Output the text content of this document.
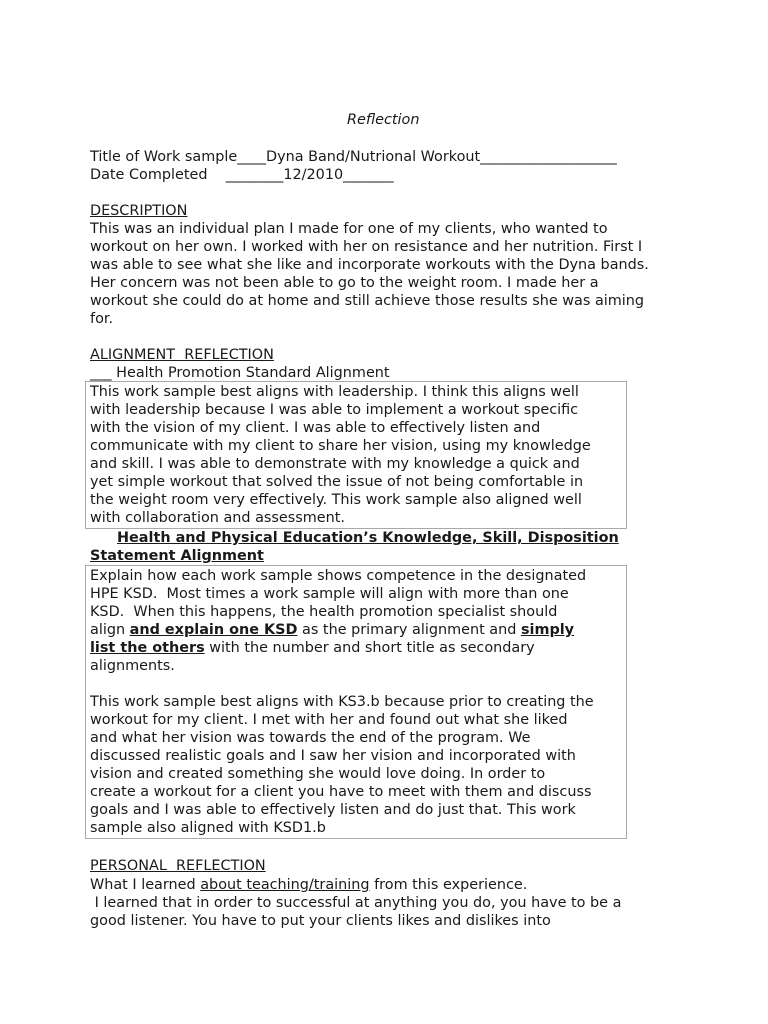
Reflection
Title of Work sample____Dyna Band/Nutrional Workout___________________
Date Completed    ________12/2010_______
DESCRIPTION
This was an individual plan I made for one of my clients, who wanted to
workout on her own. I worked with her on resistance and her nutrition. First I
was able to see what she like and incorporate workouts with the Dyna bands.
Her concern was not been able to go to the weight room. I made her a
workout she could do at home and still achieve those results she was aiming
for.
ALIGNMENT  REFLECTION
___ Health Promotion Standard Alignment
This work sample best aligns with leadership. I think this aligns well
with leadership because I was able to implement a workout specific
with the vision of my client. I was able to effectively listen and
communicate with my client to share her vision, using my knowledge
and skill. I was able to demonstrate with my knowledge a quick and
yet simple workout that solved the issue of not being comfortable in
the weight room very effectively. This work sample also aligned well
with collaboration and assessment.
Health and Physical Education’s Knowledge, Skill, Disposition
Statement Alignment
Explain how each work sample shows competence in the designated
HPE KSD.  Most times a work sample will align with more than one
KSD.  When this happens, the health promotion specialist should
align and explain one KSD as the primary alignment and simply
list the others with the number and short title as secondary
alignments.
This work sample best aligns with KS3.b because prior to creating the
workout for my client. I met with her and found out what she liked
and what her vision was towards the end of the program. We
discussed realistic goals and I saw her vision and incorporated with
vision and created something she would love doing. In order to
create a workout for a client you have to meet with them and discuss
goals and I was able to effectively listen and do just that. This work
sample also aligned with KSD1.b
PERSONAL  REFLECTION
What I learned about teaching/training from this experience.
I learned that in order to successful at anything you do, you have to be a
good listener. You have to put your clients likes and dislikes into
